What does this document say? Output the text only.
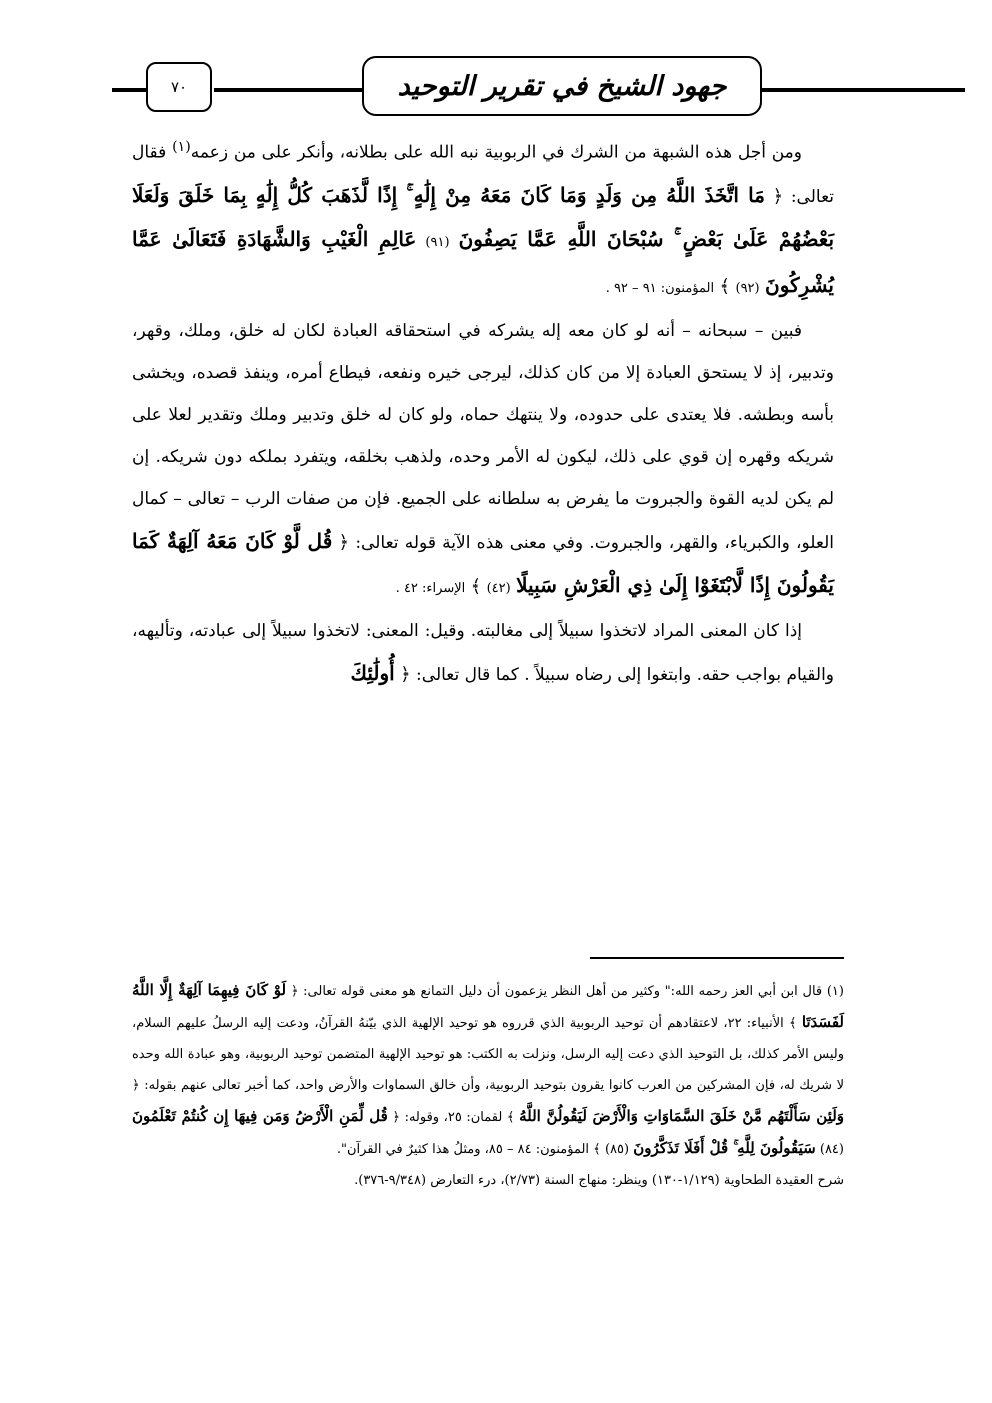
٧٠	جهود الشيخ في تقرير التوحيد

ومن أجل هذه الشبهة من الشرك في الربوبية نبه الله على بطلانه، وأنكر على من زعمه$^{(١)}$ فقال تعالى: ﴿ مَا اتَّخَذَ اللَّهُ مِن وَلَدٍ وَمَا كَانَ مَعَهُ مِنْ إِلَٰهٍ ۚ إِذًا لَّذَهَبَ كُلُّ إِلَٰهٍ بِمَا خَلَقَ وَلَعَلَا بَعْضُهُمْ عَلَىٰ بَعْضٍ ۚ سُبْحَانَ اللَّهِ عَمَّا يَصِفُونَ (٩١) عَالِمِ الْغَيْبِ وَالشَّهَادَةِ فَتَعَالَىٰ عَمَّا يُشْرِكُونَ (٩٢) ﴾ المؤمنون: ٩١ – ٩٢ .

فبين – سبحانه – أنه لو كان معه إله يشركه في استحقاقه العبادة لكان له خلق، وملك، وقهر، وتدبير، إذ لا يستحق العبادة إلا من كان كذلك، ليرجى خيره ونفعه، فيطاع أمره، وينفذ قصده، ويخشى بأسه وبطشه. فلا يعتدى على حدوده، ولا ينتهك حماه، ولو كان له خلق وتدبير وملك وتقدير لعلا على شريكه وقهره إن قوي على ذلك، ليكون له الأمر وحده، ولذهب بخلقه، ويتفرد بملكه دون شريكه. إن لم يكن لديه القوة والجبروت ما يفرض به سلطانه على الجميع. فإن من صفات الرب – تعالى – كمال العلو، والكبرياء، والقهر، والجبروت. وفي معنى هذه الآية قوله تعالى: ﴿ قُل لَّوْ كَانَ مَعَهُ آلِهَةٌ كَمَا يَقُولُونَ إِذًا لَّابْتَغَوْا إِلَىٰ ذِي الْعَرْشِ سَبِيلًا (٤٢) ﴾ الإسراء: ٤٢ .

إذا كان المعنى المراد لاتخذوا سبيلاً إلى مغالبته. وقيل: المعنى: لاتخذوا سبيلاً إلى عبادته، وتأليهه، والقيام بواجب حقه. وابتغوا إلى رضاه سبيلاً . كما قال تعالى: ﴿ أُولَٰئِكَ

(١) قال ابن أبي العز رحمه الله:" وكثير من أهل النظر يزعمون أن دليل التمانع هو معنى قوله تعالى: ﴿ لَوْ كَانَ فِيهِمَا آلِهَةٌ إِلَّا اللَّهُ لَفَسَدَتَا ﴾ الأنبياء: ٢٢، لاعتقادهم أن توحيد الربوبية الذي قرروه هو توحيد الإلهية الذي بيّنهُ القرآنُ، ودعت إليه الرسلُ عليهم السلام، وليس الأمر كذلك، بل التوحيد الذي دعت إليه الرسل، ونزلت به الكتب: هو توحيد الإلهية المتضمن توحيد الربوبية، وهو عبادة الله وحده لا شريك له، فإن المشركين من العرب كانوا يقرون بتوحيد الربوبية، وأن خالق السماوات والأرض واحد، كما أخبر تعالى عنهم بقوله: ﴿ وَلَئِن سَأَلْتَهُم مَّنْ خَلَقَ السَّمَاوَاتِ وَالْأَرْضَ لَيَقُولُنَّ اللَّهُ ﴾ لقمان: ٢٥، وقوله: ﴿ قُل لِّمَنِ الْأَرْضُ وَمَن فِيهَا إِن كُنتُمْ تَعْلَمُونَ (٨٤) سَيَقُولُونَ لِلَّهِ ۚ قُلْ أَفَلَا تَذَكَّرُونَ (٨٥) ﴾ المؤمنون: ٨٤ – ٨٥، ومثلُ هذا كثيرٌ في القرآن".

شرح العقيدة الطحاوية (١/١٢٩-١٣٠) وينظر: منهاج السنة (٢/٧٣)، درء التعارض (٩/٣٤٨-٣٧٦).
